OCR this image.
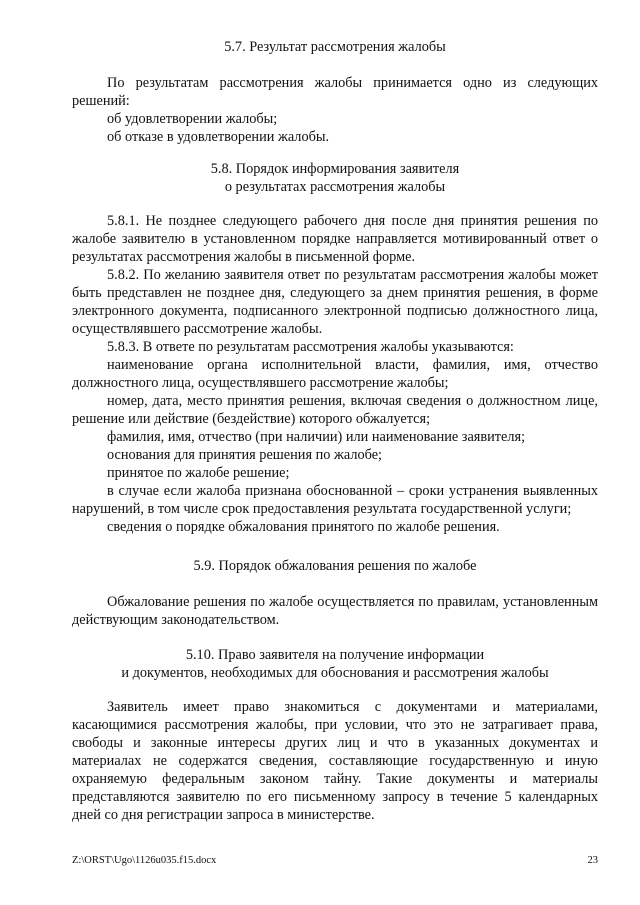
5.7. Результат рассмотрения жалобы

По результатам рассмотрения жалобы принимается одно из следующих решений:

об удовлетворении жалобы;

об отказе в удовлетворении жалобы.

5.8. Порядок информирования заявителя
о результатах рассмотрения жалобы

5.8.1. Не позднее следующего рабочего дня после дня принятия решения по жалобе заявителю в установленном порядке направляется мотивированный ответ о результатах рассмотрения жалобы в письменной форме.

5.8.2. По желанию заявителя ответ по результатам рассмотрения жалобы может быть представлен не позднее дня, следующего за днем принятия решения, в форме электронного документа, подписанного электронной подписью должностного лица, осуществлявшего рассмотрение жалобы.

5.8.3. В ответе по результатам рассмотрения жалобы указываются:

наименование органа исполнительной власти, фамилия, имя, отчество должностного лица, осуществлявшего рассмотрение жалобы;

номер, дата, место принятия решения, включая сведения о должностном лице, решение или действие (бездействие) которого обжалуется;

фамилия, имя, отчество (при наличии) или наименование заявителя;

основания для принятия решения по жалобе;

принятое по жалобе решение;

в случае если жалоба признана обоснованной – сроки устранения выявленных нарушений, в том числе срок предоставления результата государственной услуги;

сведения о порядке обжалования принятого по жалобе решения.

5.9. Порядок обжалования решения по жалобе

Обжалование решения по жалобе осуществляется по правилам, установленным действующим законодательством.

5.10. Право заявителя на получение информации
и документов, необходимых для обоснования и рассмотрения жалобы

Заявитель имеет право знакомиться с документами и материалами, касающимися рассмотрения жалобы, при условии, что это не затрагивает права, свободы и законные интересы других лиц и что в указанных документах и материалах не содержатся сведения, составляющие государственную и иную охраняемую федеральным законом тайну. Такие документы и материалы представляются заявителю по его письменному запросу в течение 5 календарных дней со дня регистрации запроса в министерстве.

Z:\ORST\Ugo\1126u035.f15.docx	23
